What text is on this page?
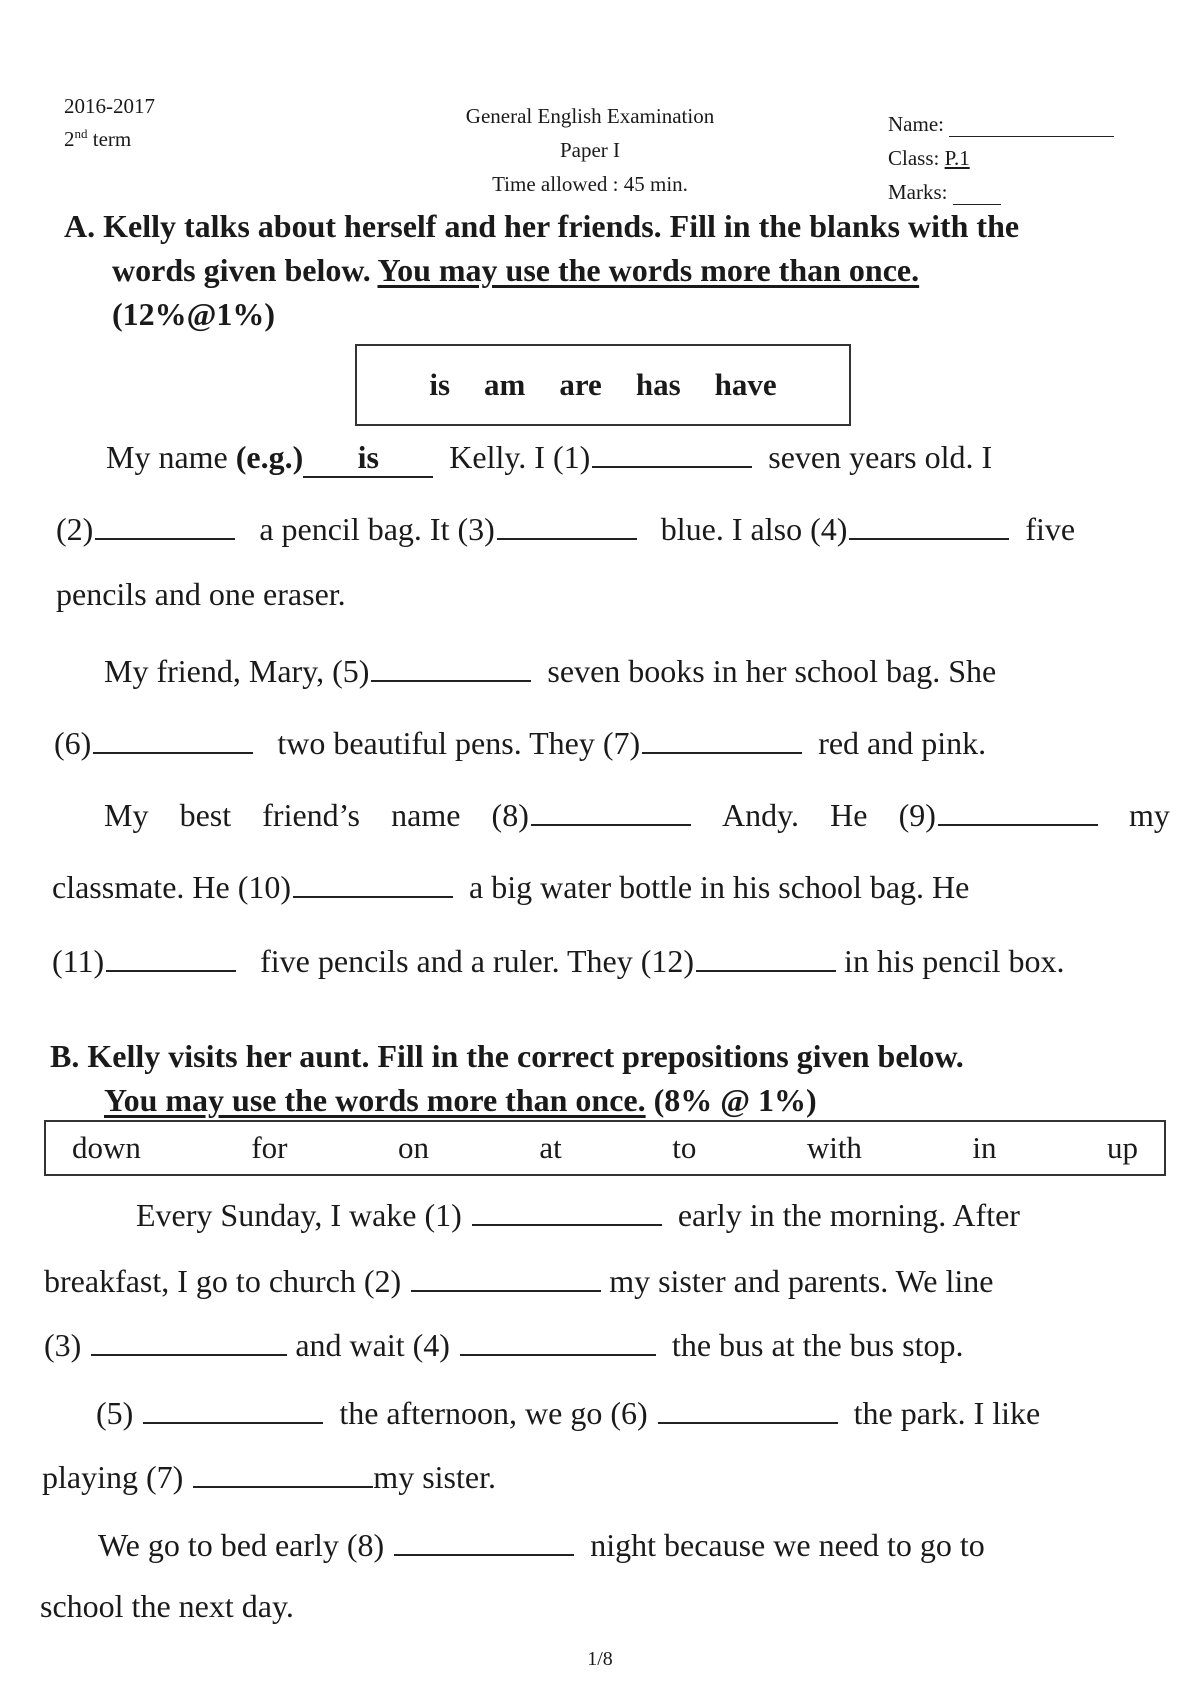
2016-2017
2nd term
General English Examination
Paper I
Time allowed : 45 min.
Name:
Class: P.1
Marks:
A. Kelly talks about herself and her friends. Fill in the blanks with the
words given below. You may use the words more than once.
(12%@1%)
is am are has have
My name
(e.g.)	is
	Kelly. I (1)
	seven years old. I
(2)
	a pencil bag. It (3)
	blue. I also (4)
	five
pencils and one eraser.
My friend, Mary, (5)
	seven books in her school bag. She
(6)
	two beautiful pens. They (7)
	red and pink.
My best friend’s name (8)	Andy. He (9)	my
classmate. He (10)
	a big water bottle in his school bag. He
(11)
	five pencils and a ruler. They (12)
	in his pencil box.
B. Kelly visits her aunt. Fill in the correct prepositions given below.
You may use the words more than once. (8% @ 1%)
down	for	on	at	to	with	in	up
Every Sunday, I wake (1)

	early in the morning. After
breakfast, I go to church (2)

	my sister and parents. We line
(3)

	and wait (4)

	the bus at the bus stop.
(5)

	the afternoon, we go (6)

	the park. I like
playing (7)
	my sister.
We go to bed early (8)

	night because we need to go to
school the next day.
1/8
